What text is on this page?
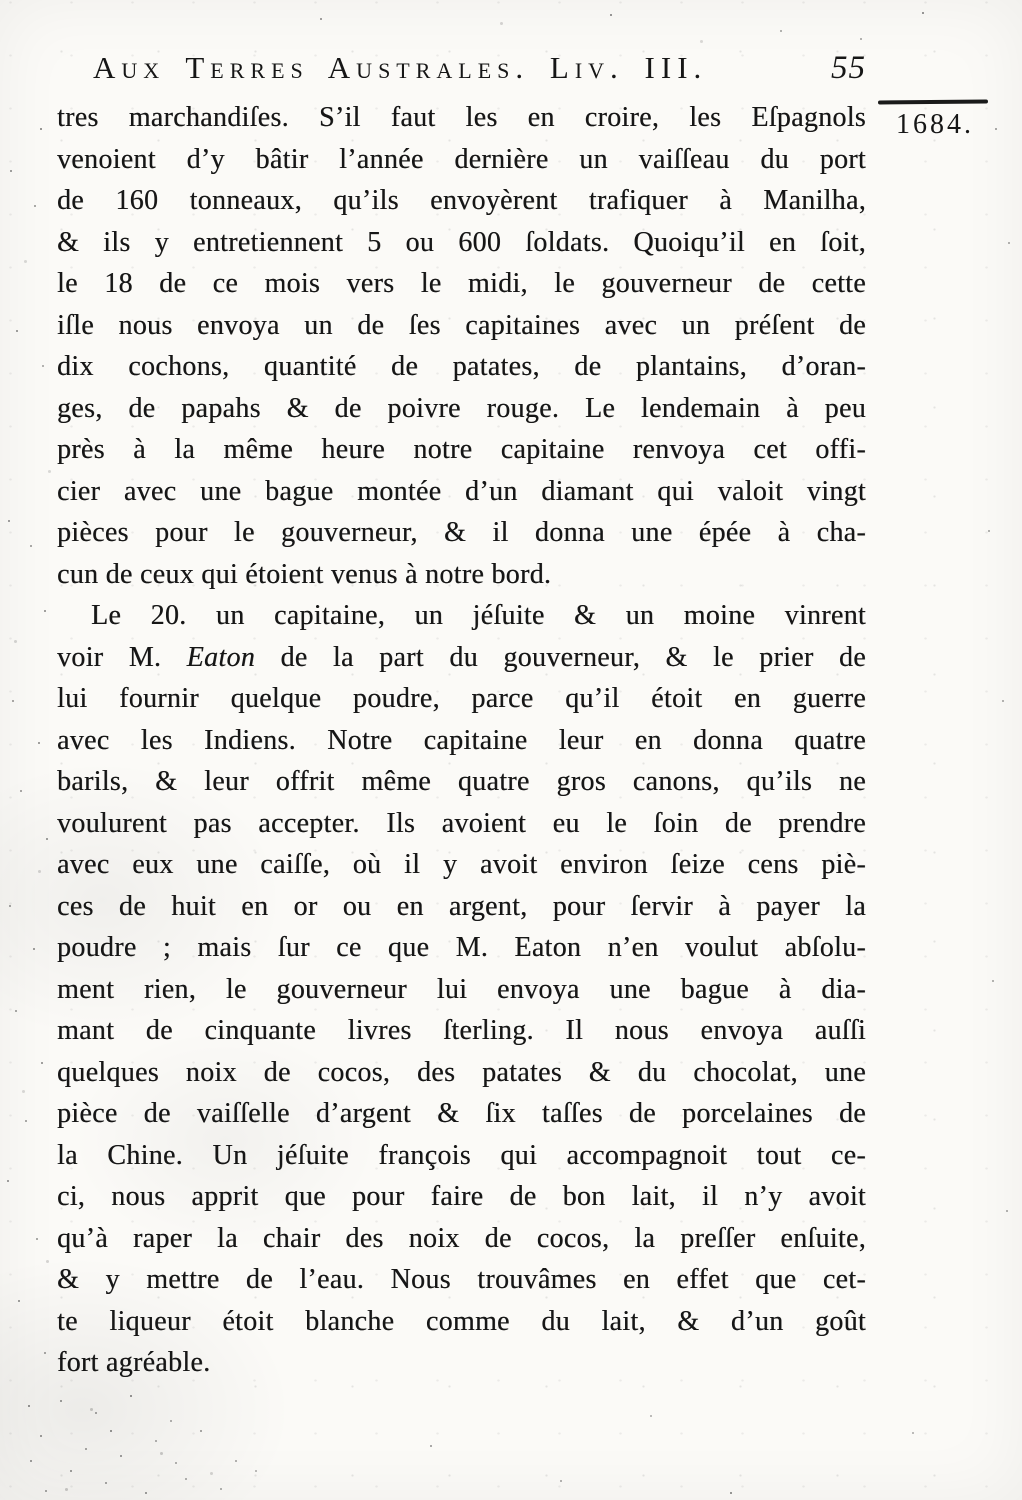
Aux Terres Australes. Liv. III.	55
1684.
tres marchandiſes. S’il faut les en croire, les Eſpagnols
venoient d’y bâtir l’année dernière un vaiſſeau du port
de 160 tonneaux, qu’ils envoyèrent trafiquer à Manilha,
& ils y entretiennent 5 ou 600 ſoldats. Quoiqu’il en ſoit,
le 18 de ce mois vers le midi, le gouverneur de cette
iſle nous envoya un de ſes capitaines avec un préſent de
dix cochons, quantité de patates, de plantains, d’oran-
ges, de papahs & de poivre rouge. Le lendemain à peu
près à la même heure notre capitaine renvoya cet offi-
cier avec une bague montée d’un diamant qui valoit vingt
pièces pour le gouverneur, & il donna une épée à cha-
cun de ceux qui étoient venus à notre bord.
Le 20. un capitaine, un jéſuite & un moine vinrent
voir M. Eaton de la part du gouverneur, & le prier de
lui fournir quelque poudre, parce qu’il étoit en guerre
avec les Indiens. Notre capitaine leur en donna quatre
barils, & leur offrit même quatre gros canons, qu’ils ne
voulurent pas accepter. Ils avoient eu le ſoin de prendre
avec eux une caiſſe, où il y avoit environ ſeize cens piè-
ces de huit en or ou en argent, pour ſervir à payer la
poudre ; mais ſur ce que M. Eaton n’en voulut abſolu-
ment rien, le gouverneur lui envoya une bague à dia-
mant de cinquante livres ſterling. Il nous envoya auſſi
quelques noix de cocos, des patates & du chocolat, une
pièce de vaiſſelle d’argent & ſix taſſes de porcelaines de
la Chine. Un jéſuite françois qui accompagnoit tout ce-
ci, nous apprit que pour faire de bon lait, il n’y avoit
qu’à raper la chair des noix de cocos, la preſſer enſuite,
& y mettre de l’eau. Nous trouvâmes en effet que cet-
te liqueur étoit blanche comme du lait, & d’un goût
fort agréable.
